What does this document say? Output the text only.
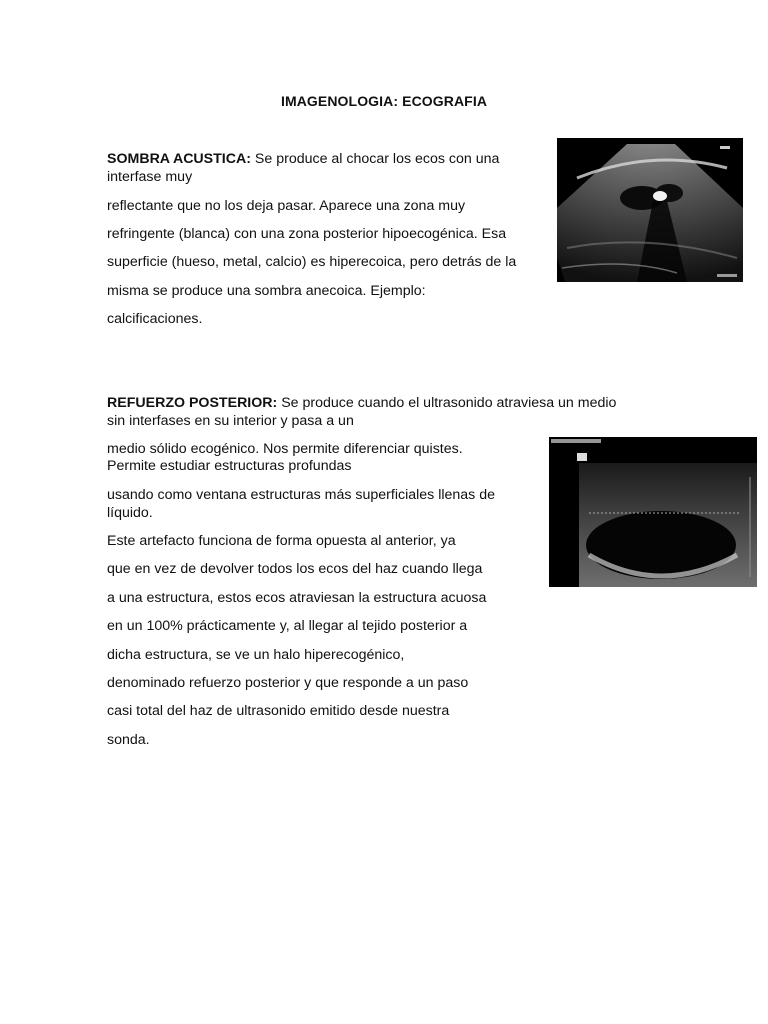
IMAGENOLOGIA: ECOGRAFIA
SOMBRA ACUSTICA: Se produce al chocar los ecos con una
interfase muy
reflectante que no los deja pasar. Aparece una zona muy
refringente (blanca) con una zona posterior hipoecogénica. Esa
superficie (hueso, metal, calcio) es hiperecoica, pero detrás de la
misma se produce una sombra anecoica. Ejemplo:
calcificaciones.
REFUERZO POSTERIOR: Se produce cuando el ultrasonido atraviesa un medio
sin interfases en su interior y pasa a un
medio sólido ecogénico. Nos permite diferenciar quistes.
Permite estudiar estructuras profundas
usando como ventana estructuras más superficiales llenas de
líquido.
Este artefacto funciona de forma opuesta al anterior, ya
que en vez de devolver todos los ecos del haz cuando llega
a una estructura, estos ecos atraviesan la estructura acuosa
en un 100% prácticamente y, al llegar al tejido posterior a
dicha estructura, se ve un halo hiperecogénico,
denominado refuerzo posterior y que responde a un paso
casi total del haz de ultrasonido emitido desde nuestra
sonda.
